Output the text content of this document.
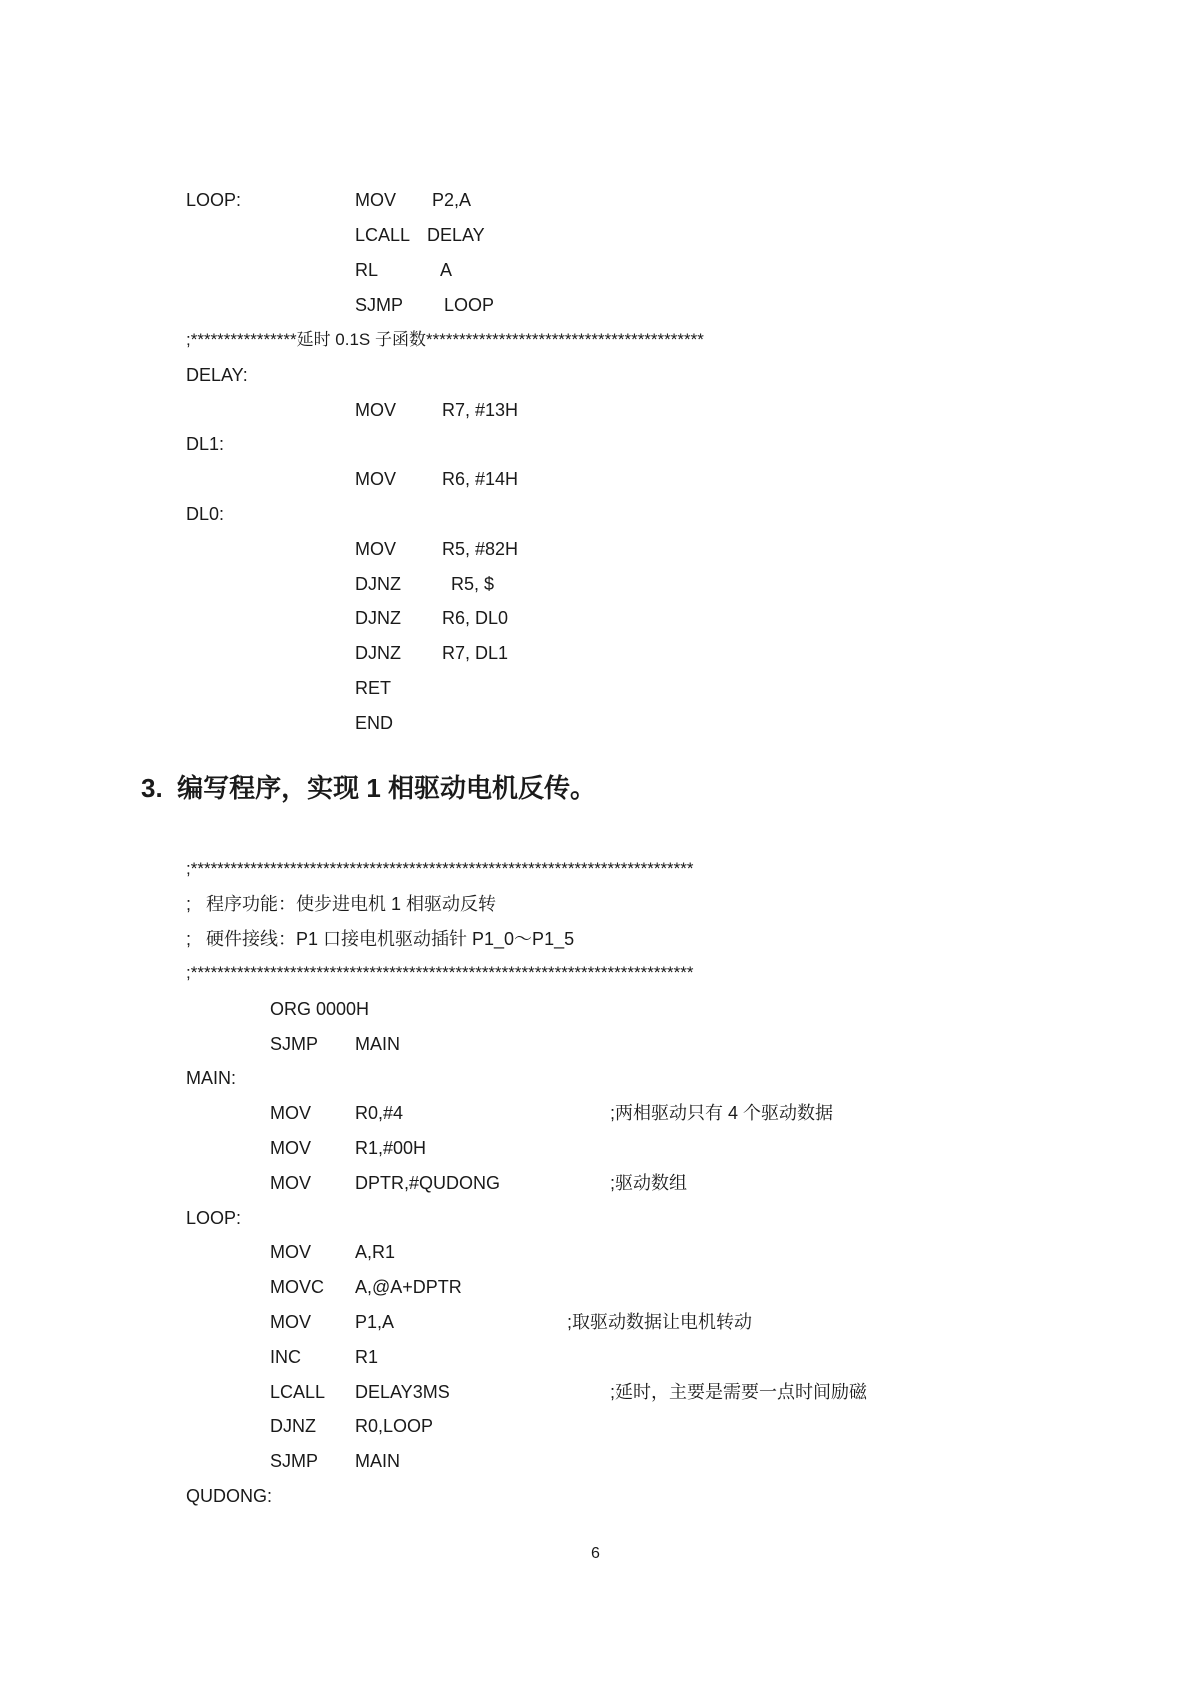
LOOP:	MOV P2,A
LCALL DELAY
RL	A
SJMP LOOP
;****************延时 0.1S 子函数******************************************
DELAY:
MOV	R7, #13H
DL1:
MOV	R6, #14H
DL0:
MOV	R5, #82H
DJNZ	R5, $
DJNZ R6, DL0
DJNZ R7, DL1
RET
END
3.  编写程序，实现 1 相驱动电机反传。
;****************************************************************************
;   程序功能：使步进电机 1 相驱动反转
;   硬件接线：P1 口接电机驱动插针 P1_0～P1_5
;****************************************************************************
ORG 0000H
SJMP MAIN
MAIN:
MOV R0,#4	;两相驱动只有 4 个驱动数据
MOV R1,#00H
MOV DPTR,#QUDONG	;驱动数组
LOOP:
MOV A,R1
MOVC A,@A+DPTR
MOV P1,A	;取驱动数据让电机转动
INC	R1
LCALL DELAY3MS	;延时，主要是需要一点时间励磁
DJNZ R0,LOOP
SJMP MAIN
QUDONG:
6
